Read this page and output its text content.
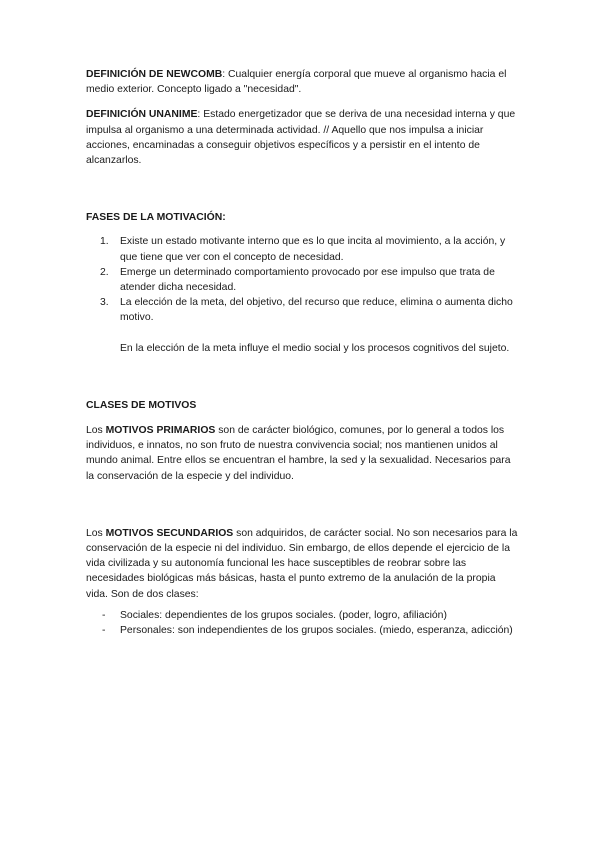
DEFINICIÓN DE NEWCOMB: Cualquier energía corporal que mueve al organismo hacia el medio exterior. Concepto ligado a "necesidad".

DEFINICIÓN UNANIME: Estado energetizador que se deriva de una necesidad interna y que impulsa al organismo a una determinada actividad. // Aquello que nos impulsa a iniciar acciones, encaminadas a conseguir objetivos específicos y a persistir en el intento de alcanzarlos.

FASES DE LA MOTIVACIÓN:

1. Existe un estado motivante interno que es lo que incita al movimiento, a la acción, y que tiene que ver con el concepto de necesidad.
2. Emerge un determinado comportamiento provocado por ese impulso que trata de atender dicha necesidad.
3. La elección de la meta, del objetivo, del recurso que reduce, elimina o aumenta dicho motivo.

En la elección de la meta influye el medio social y los procesos cognitivos del sujeto.

CLASES DE MOTIVOS

Los MOTIVOS PRIMARIOS son de carácter biológico, comunes, por lo general a todos los individuos, e innatos, no son fruto de nuestra convivencia social; nos mantienen unidos al mundo animal. Entre ellos se encuentran el hambre, la sed y la sexualidad. Necesarios para la conservación de la especie y del individuo.

Los MOTIVOS SECUNDARIOS son adquiridos, de carácter social. No son necesarios para la conservación de la especie ni del individuo. Sin embargo, de ellos depende el ejercicio de la vida civilizada y su autonomía funcional les hace susceptibles de reobrar sobre las necesidades biológicas más básicas, hasta el punto extremo de la anulación de la propia vida. Son de dos clases:

- Sociales: dependientes de los grupos sociales. (poder, logro, afiliación)
- Personales: son independientes de los grupos sociales. (miedo, esperanza, adicción)
